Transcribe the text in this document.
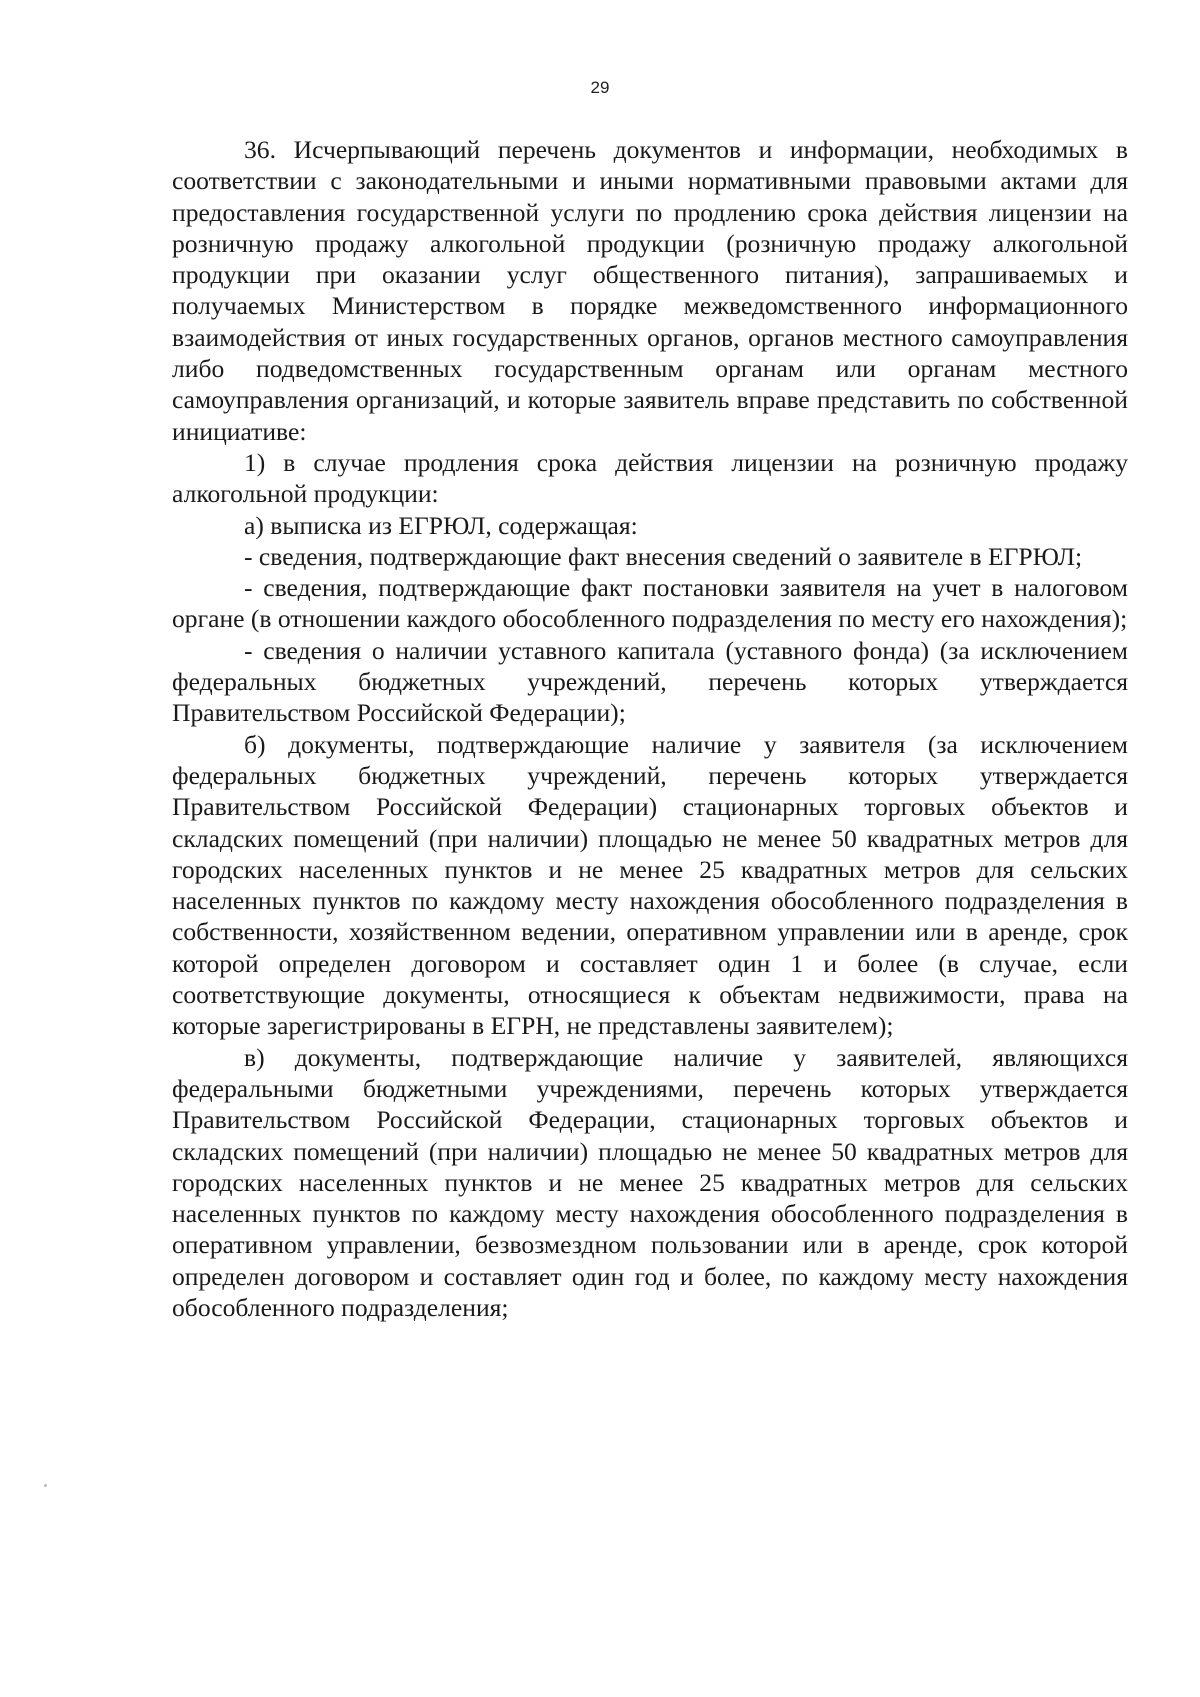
29

36. Исчерпывающий перечень документов и информации, необходимых в соответствии с законодательными и иными нормативными правовыми актами для предоставления государственной услуги по продлению срока действия лицензии на розничную продажу алкогольной продукции (розничную продажу алкогольной продукции при оказании услуг общественного питания), запрашиваемых и получаемых Министерством в порядке межведомственного информационного взаимодействия от иных государственных органов, органов местного самоуправления либо подведомственных государственным органам или органам местного самоуправления организаций, и которые заявитель вправе представить по собственной инициативе:

1) в случае продления срока действия лицензии на розничную продажу алкогольной продукции:

а) выписка из ЕГРЮЛ, содержащая:

- сведения, подтверждающие факт внесения сведений о заявителе в ЕГРЮЛ;

- сведения, подтверждающие факт постановки заявителя на учет в налоговом органе (в отношении каждого обособленного подразделения по месту его нахождения);

- сведения о наличии уставного капитала (уставного фонда) (за исключением федеральных бюджетных учреждений, перечень которых утверждается Правительством Российской Федерации);

б) документы, подтверждающие наличие у заявителя (за исключением федеральных бюджетных учреждений, перечень которых утверждается Правительством Российской Федерации) стационарных торговых объектов и складских помещений (при наличии) площадью не менее 50 квадратных метров для городских населенных пунктов и не менее 25 квадратных метров для сельских населенных пунктов по каждому месту нахождения обособленного подразделения в собственности, хозяйственном ведении, оперативном управлении или в аренде, срок которой определен договором и составляет один 1 и более (в случае, если соответствующие документы, относящиеся к объектам недвижимости, права на которые зарегистрированы в ЕГРН, не представлены заявителем);

в) документы, подтверждающие наличие у заявителей, являющихся федеральными бюджетными учреждениями, перечень которых утверждается Правительством Российской Федерации, стационарных торговых объектов и складских помещений (при наличии) площадью не менее 50 квадратных метров для городских населенных пунктов и не менее 25 квадратных метров для сельских населенных пунктов по каждому месту нахождения обособленного подразделения в оперативном управлении, безвозмездном пользовании или в аренде, срок которой определен договором и составляет один год и более, по каждому месту нахождения обособленного подразделения;
